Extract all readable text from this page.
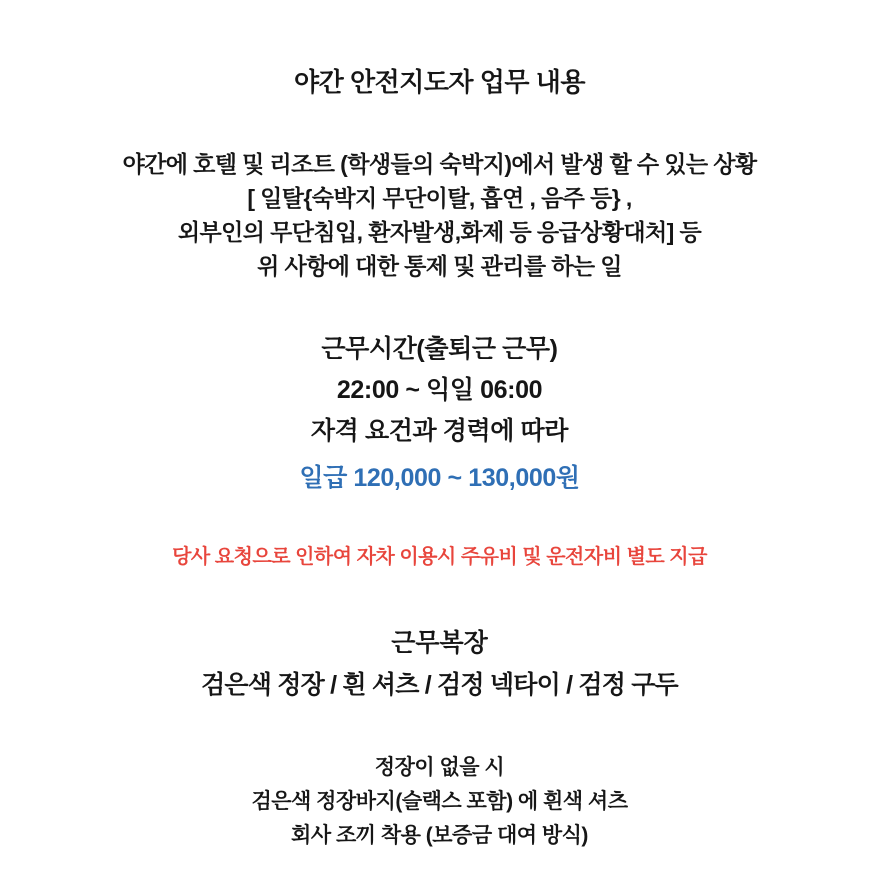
야간 안전지도자 업무 내용
야간에 호텔 및 리조트 (학생들의 숙박지)에서 발생 할 수 있는 상황
[ 일탈{숙박지 무단이탈, 흡연 , 음주 등} ,
외부인의 무단침입, 환자발생,화제 등 응급상황대처] 등
위 사항에 대한 통제 및 관리를 하는 일
근무시간(출퇴근 근무)
22:00 ~ 익일 06:00
자격 요건과 경력에 따라
일급 120,000 ~ 130,000원
당사 요청으로 인하여 자차 이용시 주유비 및 운전자비 별도 지급
근무복장
검은색 정장 / 흰 셔츠 / 검정 넥타이 / 검정 구두
정장이 없을 시
검은색 정장바지(슬랙스 포함) 에 흰색 셔츠
회사 조끼 착용 (보증금 대여 방식)
